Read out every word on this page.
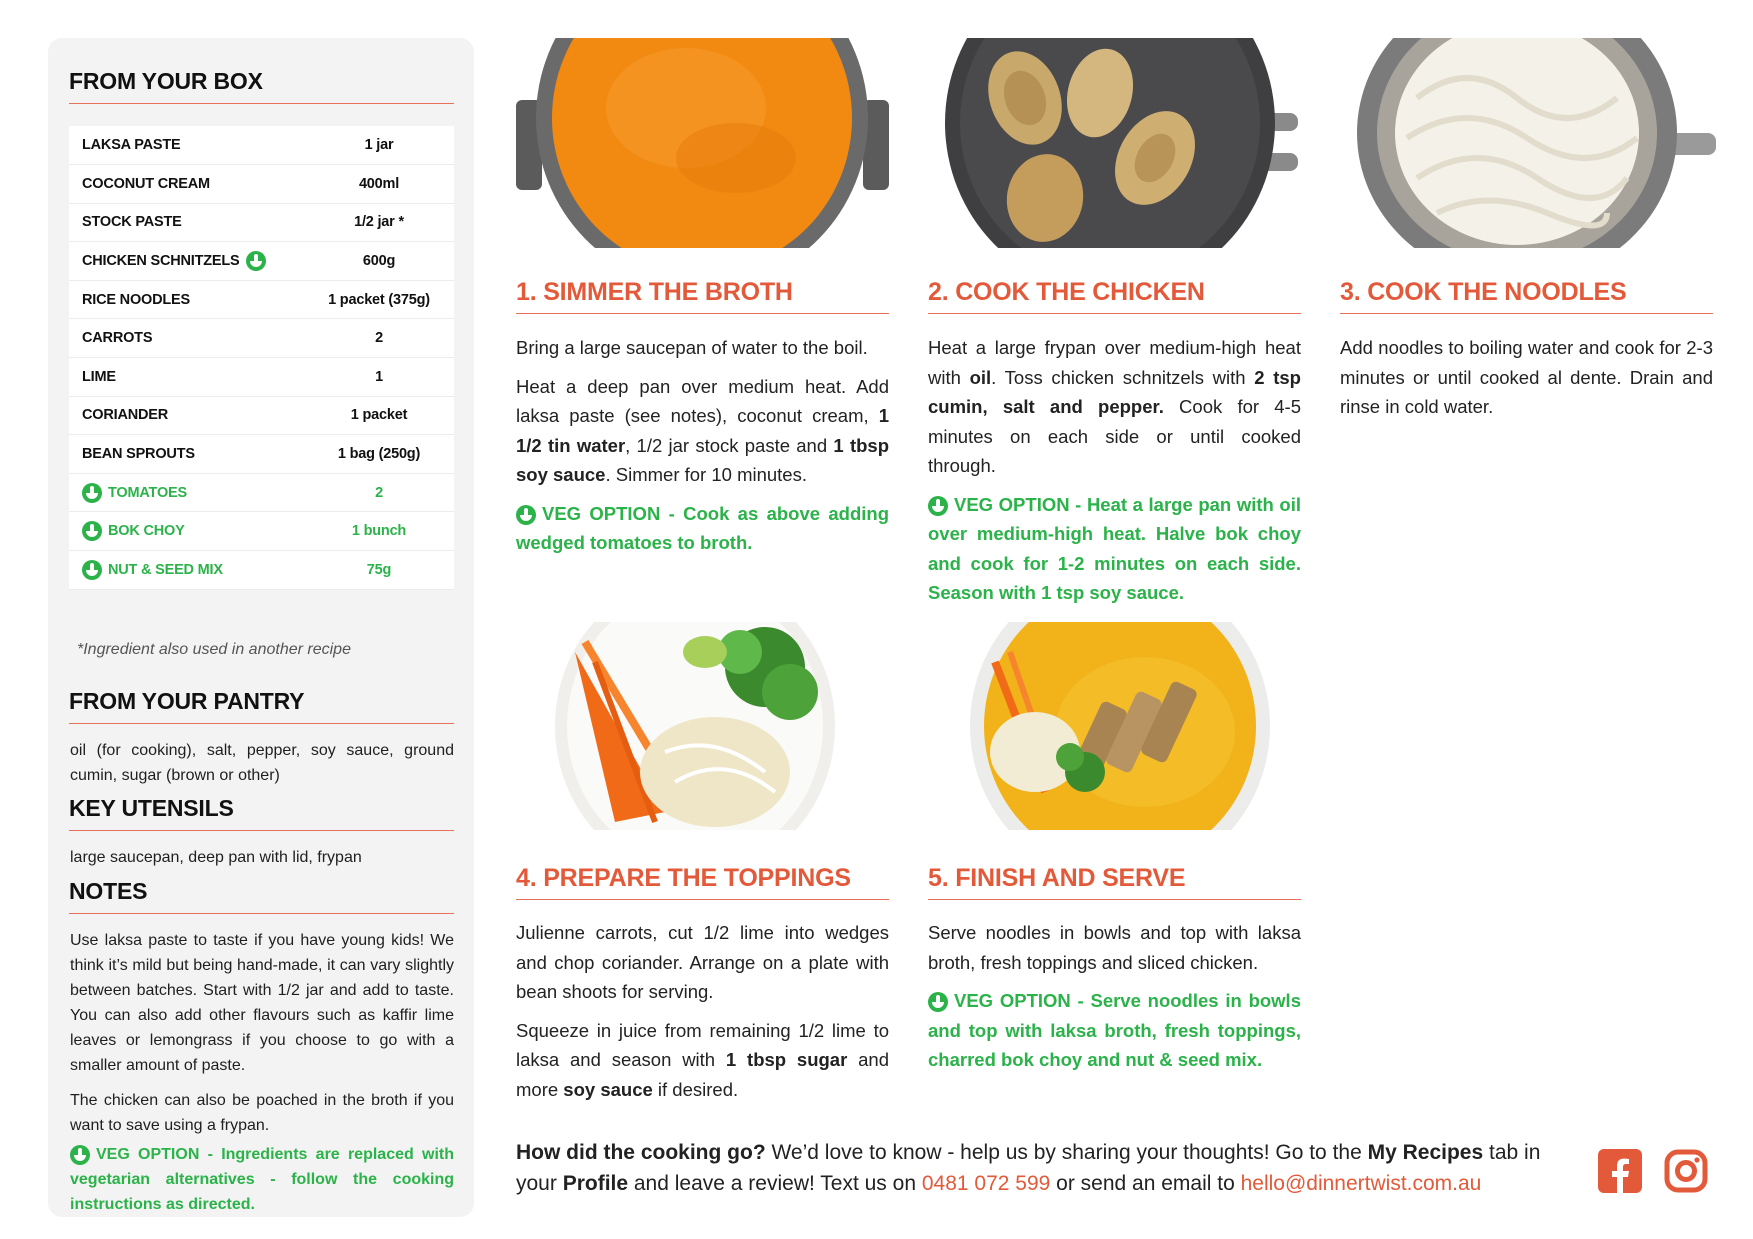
FROM YOUR BOX
LAKSA PASTE	1 jar
COCONUT CREAM	400ml
STOCK PASTE	1/2 jar *
CHICKEN SCHNITZELS	600g
RICE NOODLES	1 packet (375g)
CARROTS	2
LIME	1
CORIANDER	1 packet
BEAN SPROUTS	1 bag (250g)
TOMATOES	2
BOK CHOY	1 bunch
NUT & SEED MIX	75g
*Ingredient also used in another recipe
FROM YOUR PANTRY
oil (for cooking), salt, pepper, soy sauce, ground cumin, sugar (brown or other)
KEY UTENSILS
large saucepan, deep pan with lid, frypan
NOTES
Use laksa paste to taste if you have young kids! We think it’s mild but being hand-made, it can vary slightly between batches. Start with 1/2 jar and add to taste. You can also add other flavours such as kaffir lime leaves or lemongrass if you choose to go with a smaller amount of paste.
The chicken can also be poached in the broth if you want to save using a frypan.
VEG OPTION - Ingredients are replaced with vegetarian alternatives - follow the cooking instructions as directed.
1. SIMMER THE BROTH

Bring a large saucepan of water to the boil.

Heat a deep pan over medium heat. Add laksa paste (see notes), coconut cream, 1 1/2 tin water, 1/2 jar stock paste and 1 tbsp soy sauce. Simmer for 10 minutes.

VEG OPTION - Cook as above adding wedged tomatoes to broth.

2. COOK THE CHICKEN

Heat a large frypan over medium-high heat with oil. Toss chicken schnitzels with 2 tsp cumin, salt and pepper. Cook for 4-5 minutes on each side or until cooked through.

VEG OPTION - Heat a large pan with oil over medium-high heat. Halve bok choy and cook for 1-2 minutes on each side. Season with 1 tsp soy sauce.

3. COOK THE NOODLES

Add noodles to boiling water and cook for 2-3 minutes or until cooked al dente. Drain and rinse in cold water.

4. PREPARE THE TOPPINGS

Julienne carrots, cut 1/2 lime into wedges and chop coriander. Arrange on a plate with bean shoots for serving.

Squeeze in juice from remaining 1/2 lime to laksa and season with 1 tbsp sugar and more soy sauce if desired.

5. FINISH AND SERVE

Serve noodles in bowls and top with laksa broth, fresh toppings and sliced chicken.

VEG OPTION - Serve noodles in bowls and top with laksa broth, fresh toppings, charred bok choy and nut & seed mix.

How did the cooking go? We’d love to know - help us by sharing your thoughts! Go to the My Recipes tab in your Profile and leave a review! Text us on 0481 072 599 or send an email to hello@dinnertwist.com.au
